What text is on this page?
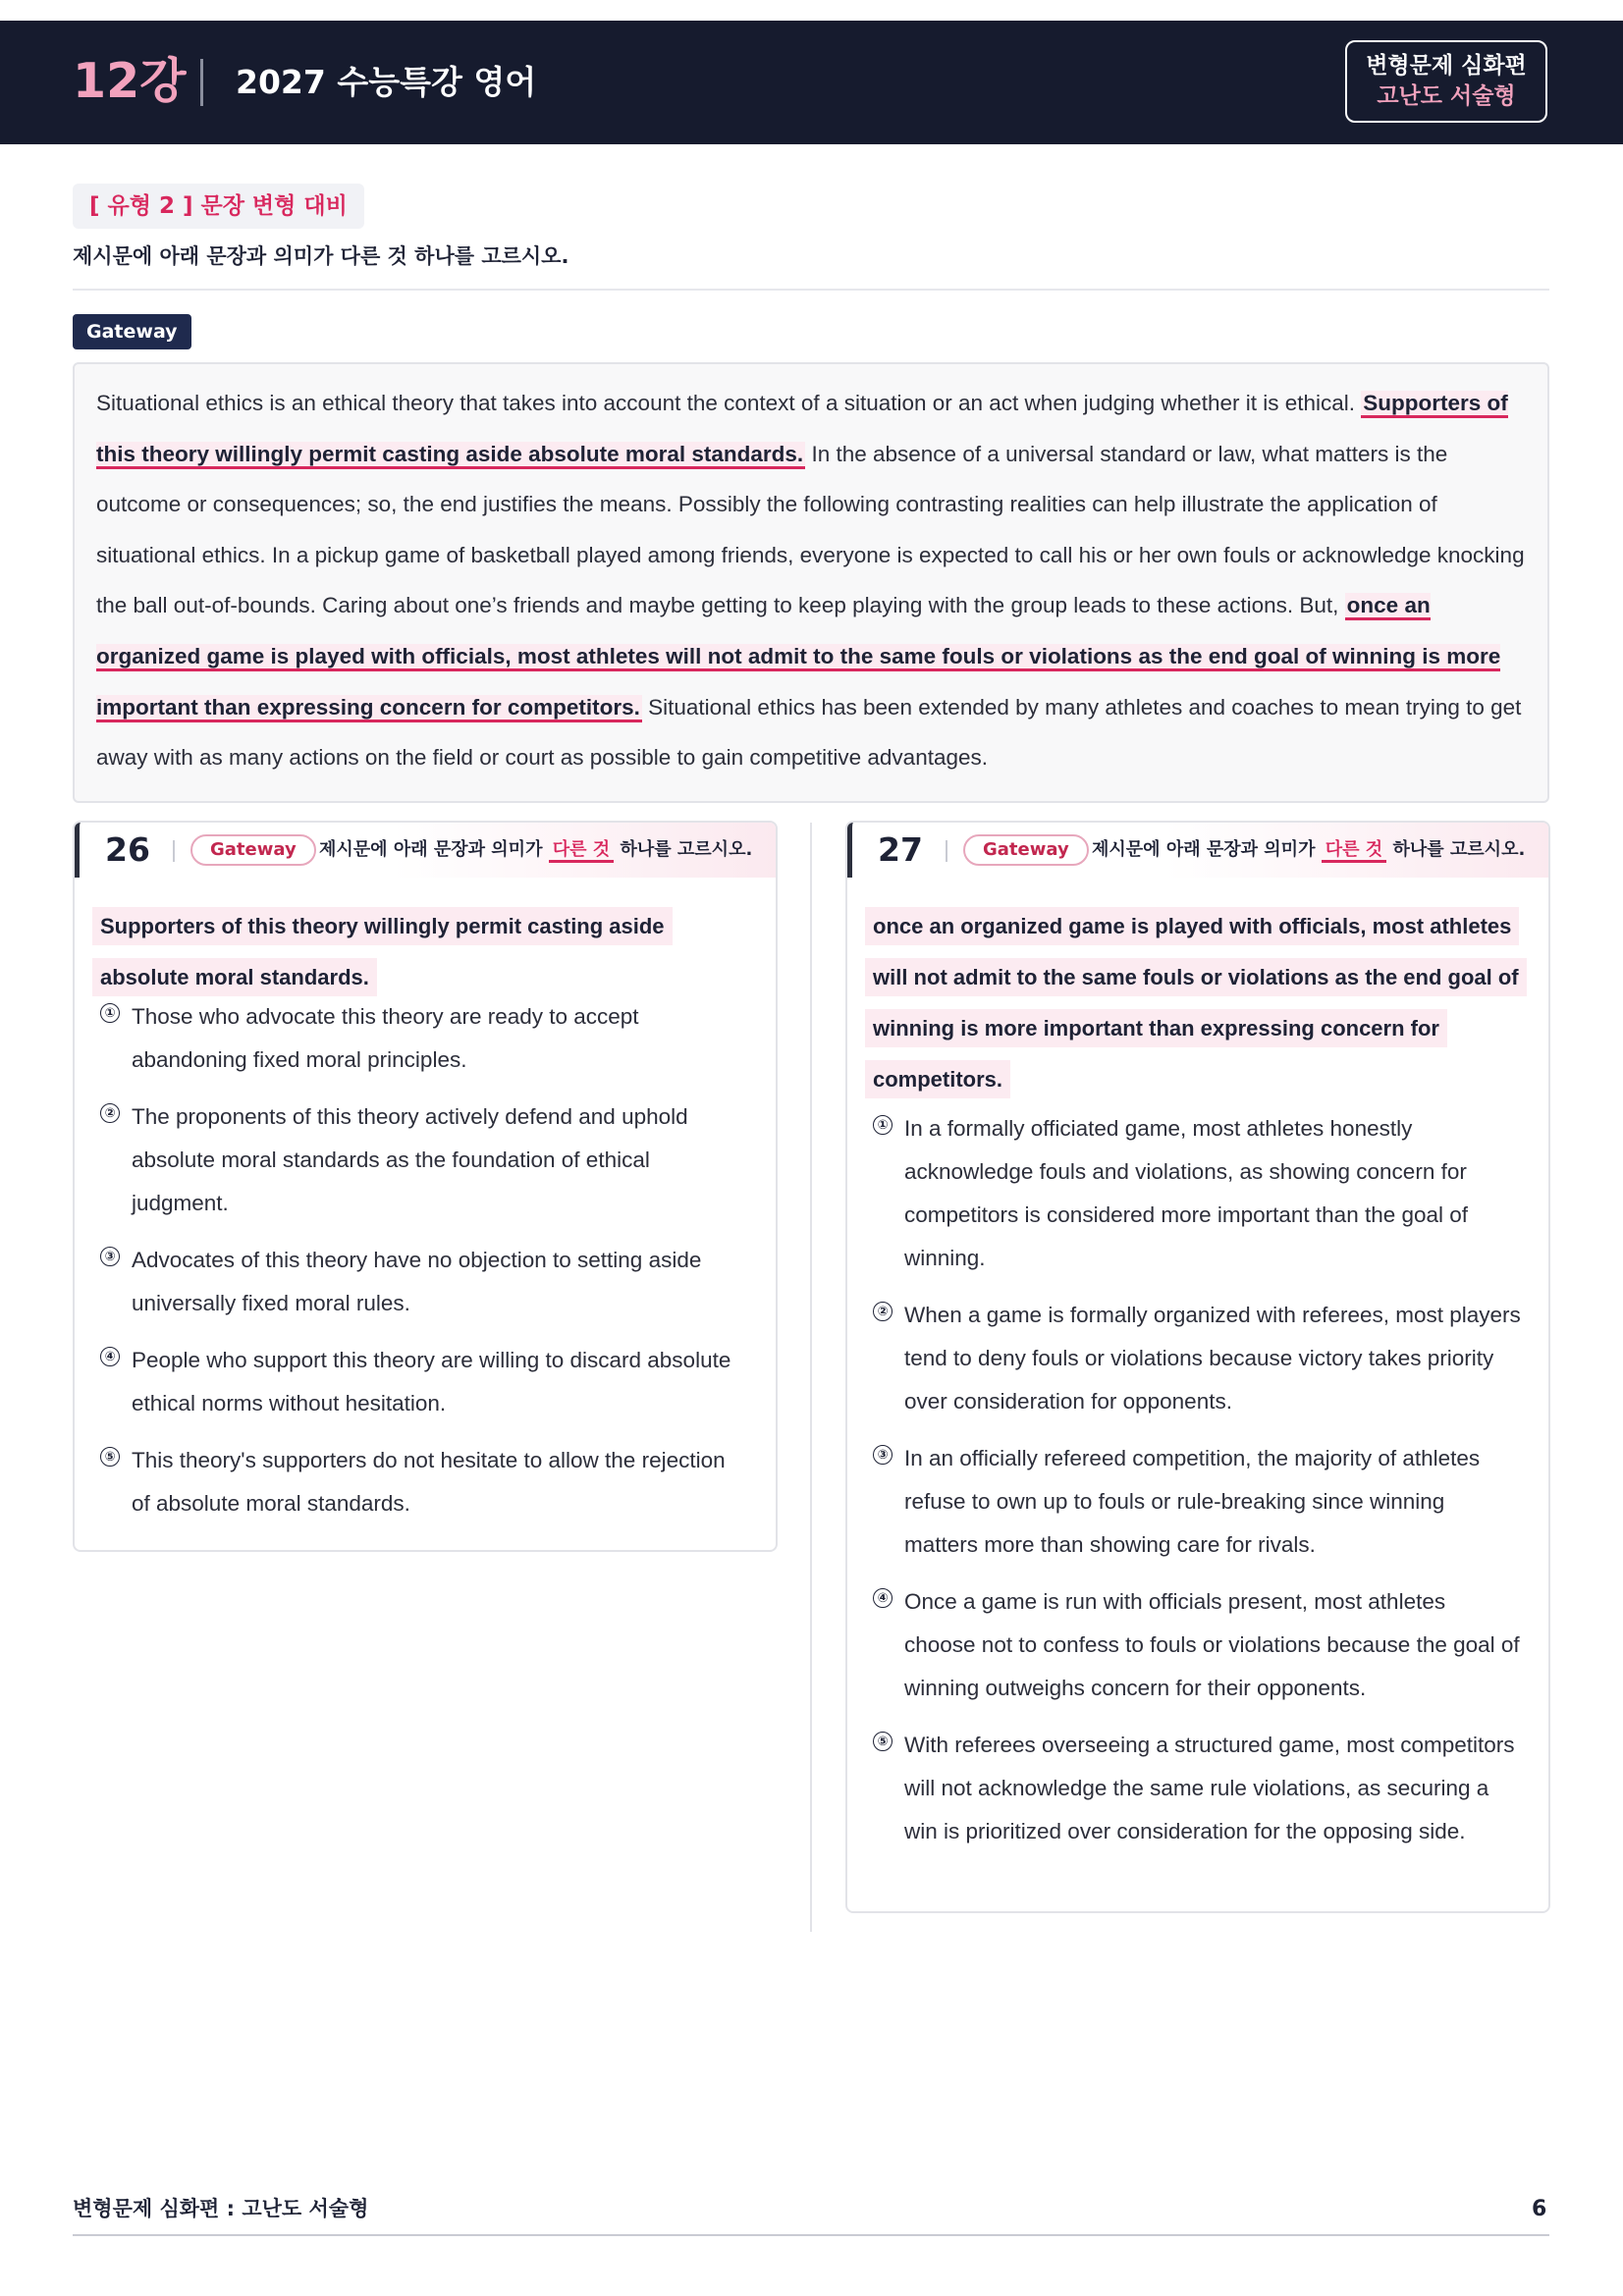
12강 2027 수능특강 영어	변형문제 심화편
고난도 서술형
[ 유형 2 ] 문장 변형 대비
제시문에 아래 문장과 의미가 다른 것 하나를 고르시오.
Gateway
Situational ethics is an ethical theory that takes into account the context of a situation or an act when judging whether it is ethical. Supporters of this theory willingly permit casting aside absolute moral standards. In the absence of a universal standard or law, what matters is the outcome or consequences; so, the end justifies the means. Possibly the following contrasting realities can help illustrate the application of situational ethics. In a pickup game of basketball played among friends, everyone is expected to call his or her own fouls or acknowledge knocking the ball out-of-bounds. Caring about one’s friends and maybe getting to keep playing with the group leads to these actions. But, once an organized game is played with officials, most athletes will not admit to the same fouls or violations as the end goal of winning is more important than expressing concern for competitors. Situational ethics has been extended by many athletes and coaches to mean trying to get away with as many actions on the field or court as possible to gain competitive advantages.
26	Gateway	제시문에 아래 문장과 의미가 다른 것 하나를 고르시오.
Supporters of this theory willingly permit casting aside absolute moral standards.
① Those who advocate this theory are ready to accept abandoning fixed moral principles.
② The proponents of this theory actively defend and uphold absolute moral standards as the foundation of ethical judgment.
③ Advocates of this theory have no objection to setting aside universally fixed moral rules.
④ People who support this theory are willing to discard absolute ethical norms without hesitation.
⑤ This theory's supporters do not hesitate to allow the rejection of absolute moral standards.
27	Gateway	제시문에 아래 문장과 의미가 다른 것 하나를 고르시오.
once an organized game is played with officials, most athletes will not admit to the same fouls or violations as the end goal of winning is more important than expressing concern for competitors.
① In a formally officiated game, most athletes honestly acknowledge fouls and violations, as showing concern for competitors is considered more important than the goal of winning.
② When a game is formally organized with referees, most players tend to deny fouls or violations because victory takes priority over consideration for opponents.
③ In an officially refereed competition, the majority of athletes refuse to own up to fouls or rule-breaking since winning matters more than showing care for rivals.
④ Once a game is run with officials present, most athletes choose not to confess to fouls or violations because the goal of winning outweighs concern for their opponents.
⑤ With referees overseeing a structured game, most competitors will not acknowledge the same rule violations, as securing a win is prioritized over consideration for the opposing side.
변형문제 심화편 : 고난도 서술형	6
